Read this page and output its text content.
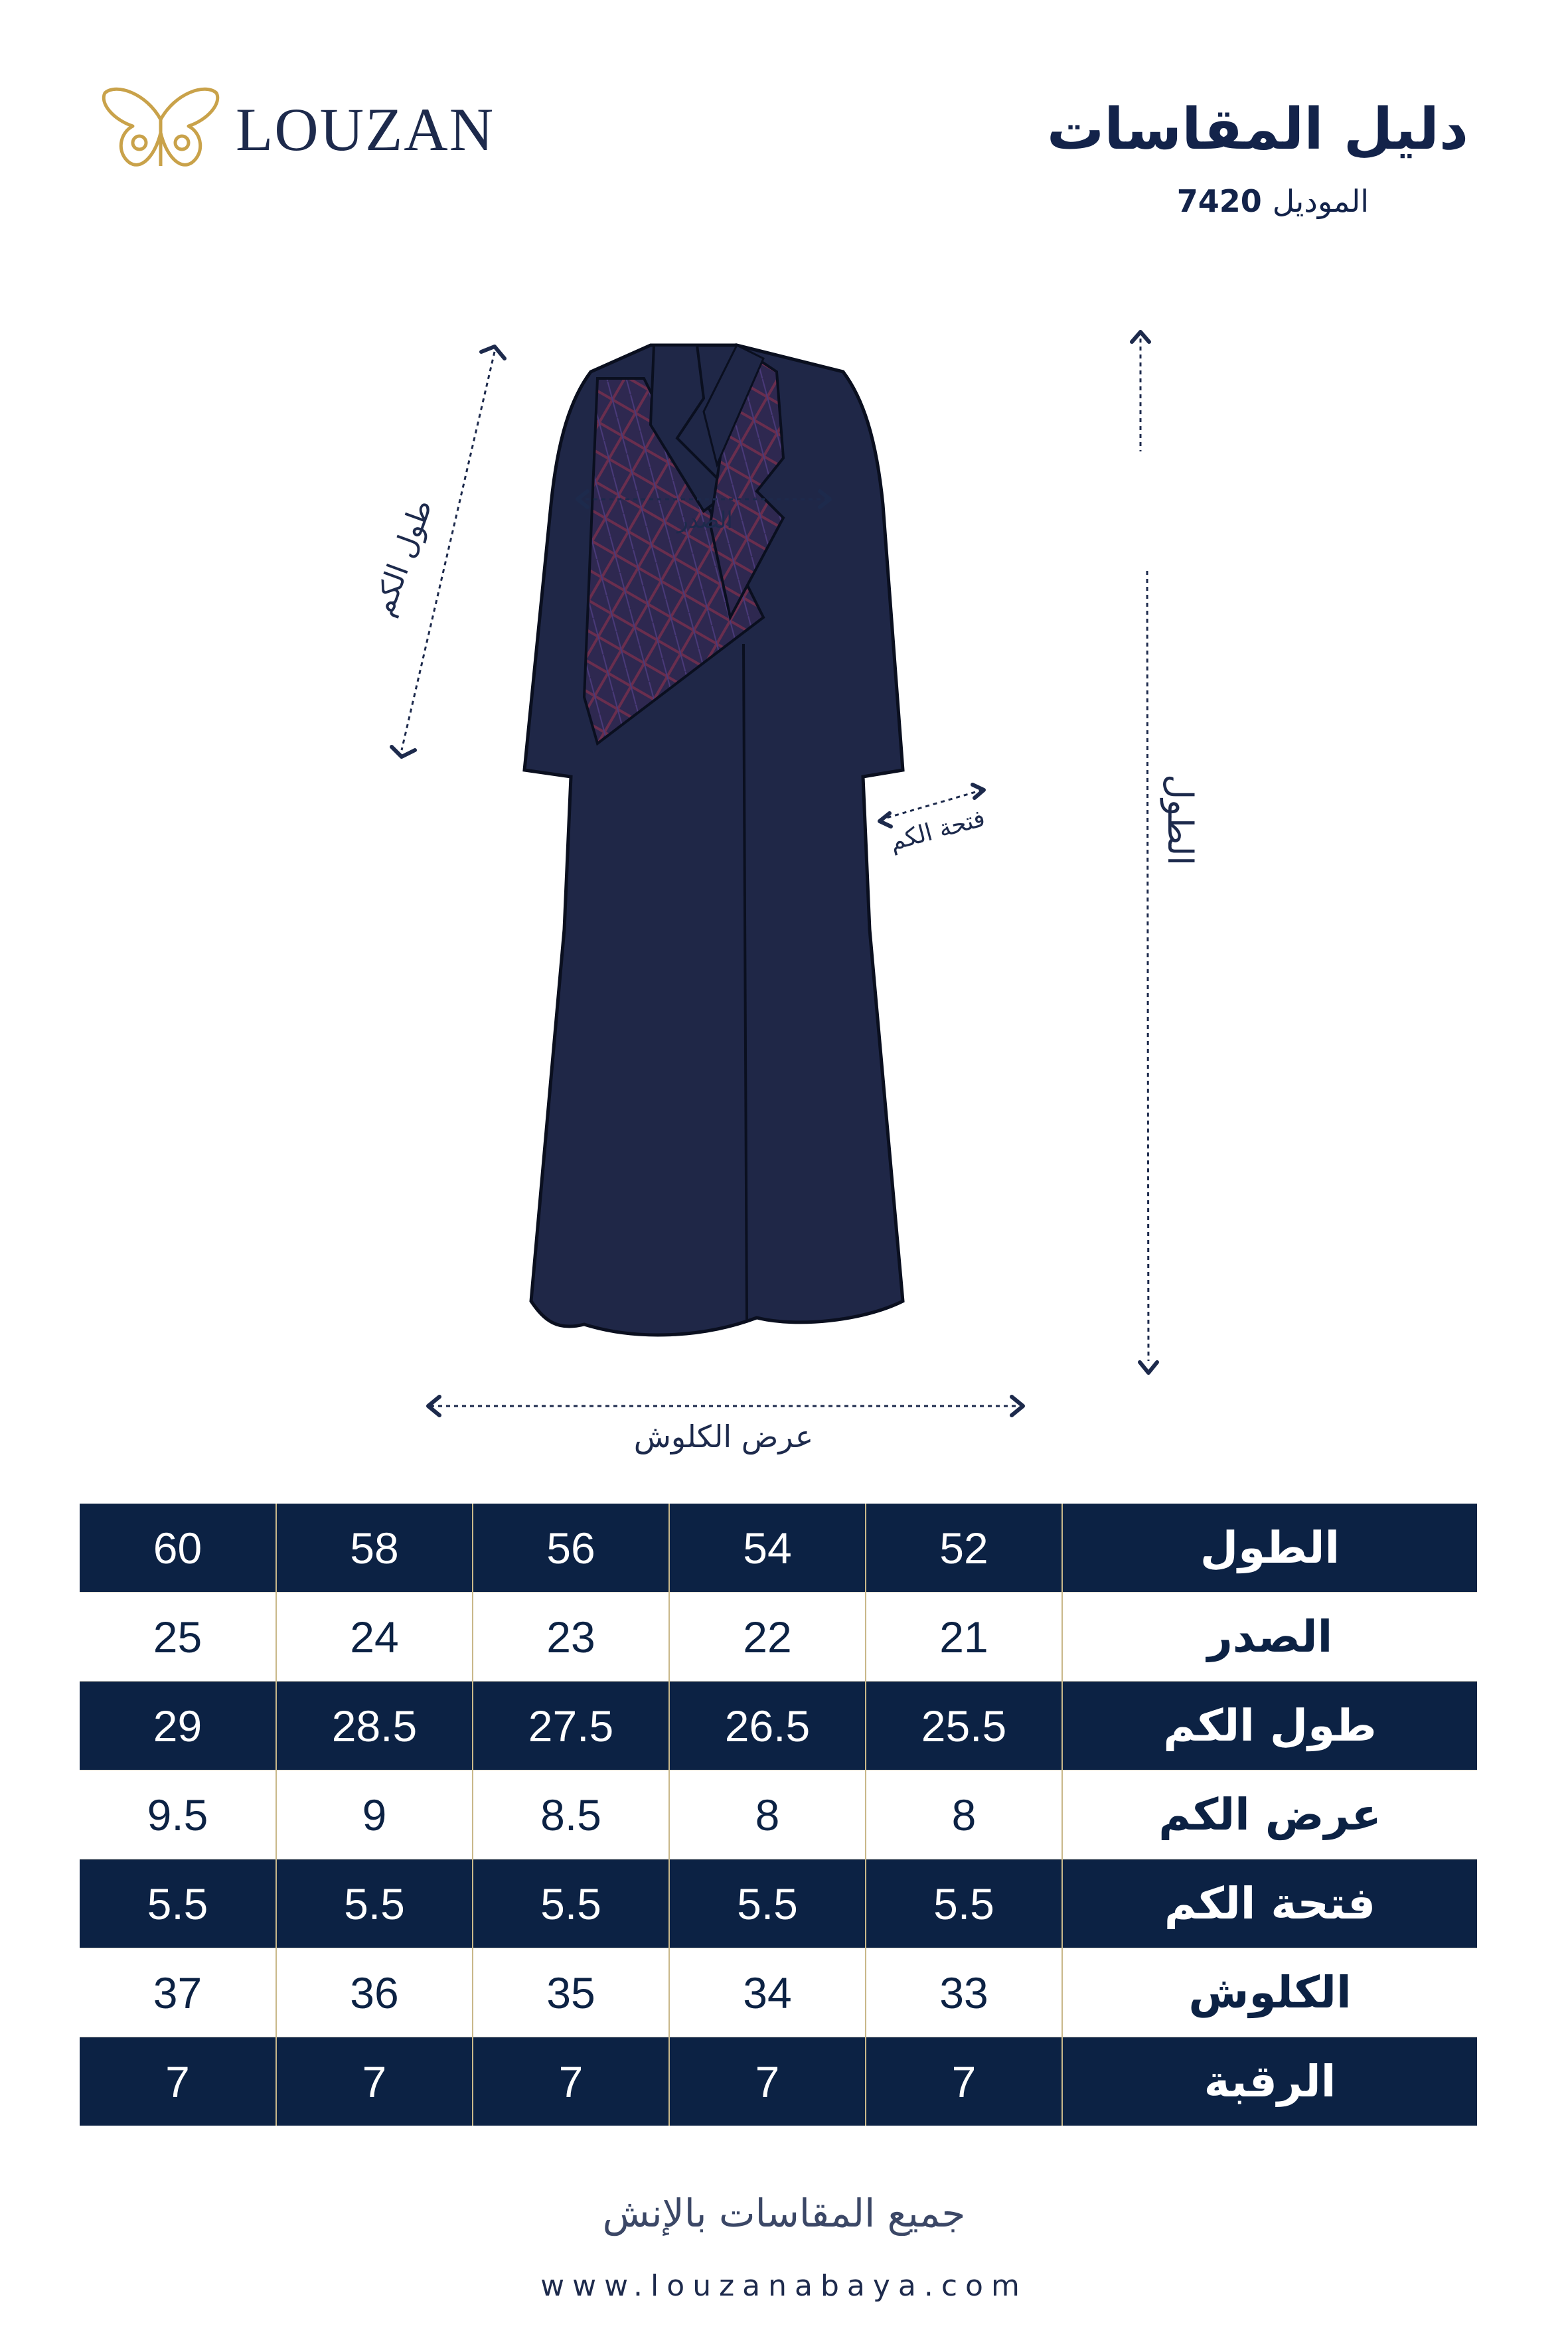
LOUZAN	دليل المقاسات
الموديل
7420
الصدر
طول الكم
فتحة الكم	الطول
عرض الكلوش
60	58	56	54	52	الطول
25	24	23	22	21	الصدر
29	28.5	27.5	26.5	25.5	طول الكم
9.5	9	8.5	8	8	عرض الكم
5.5	5.5	5.5	5.5	5.5	فتحة الكم
37	36	35	34	33	الكلوش
7	7	7	7	7	الرقبة
جميع المقاسات بالإنش
www.louzanabaya.com
